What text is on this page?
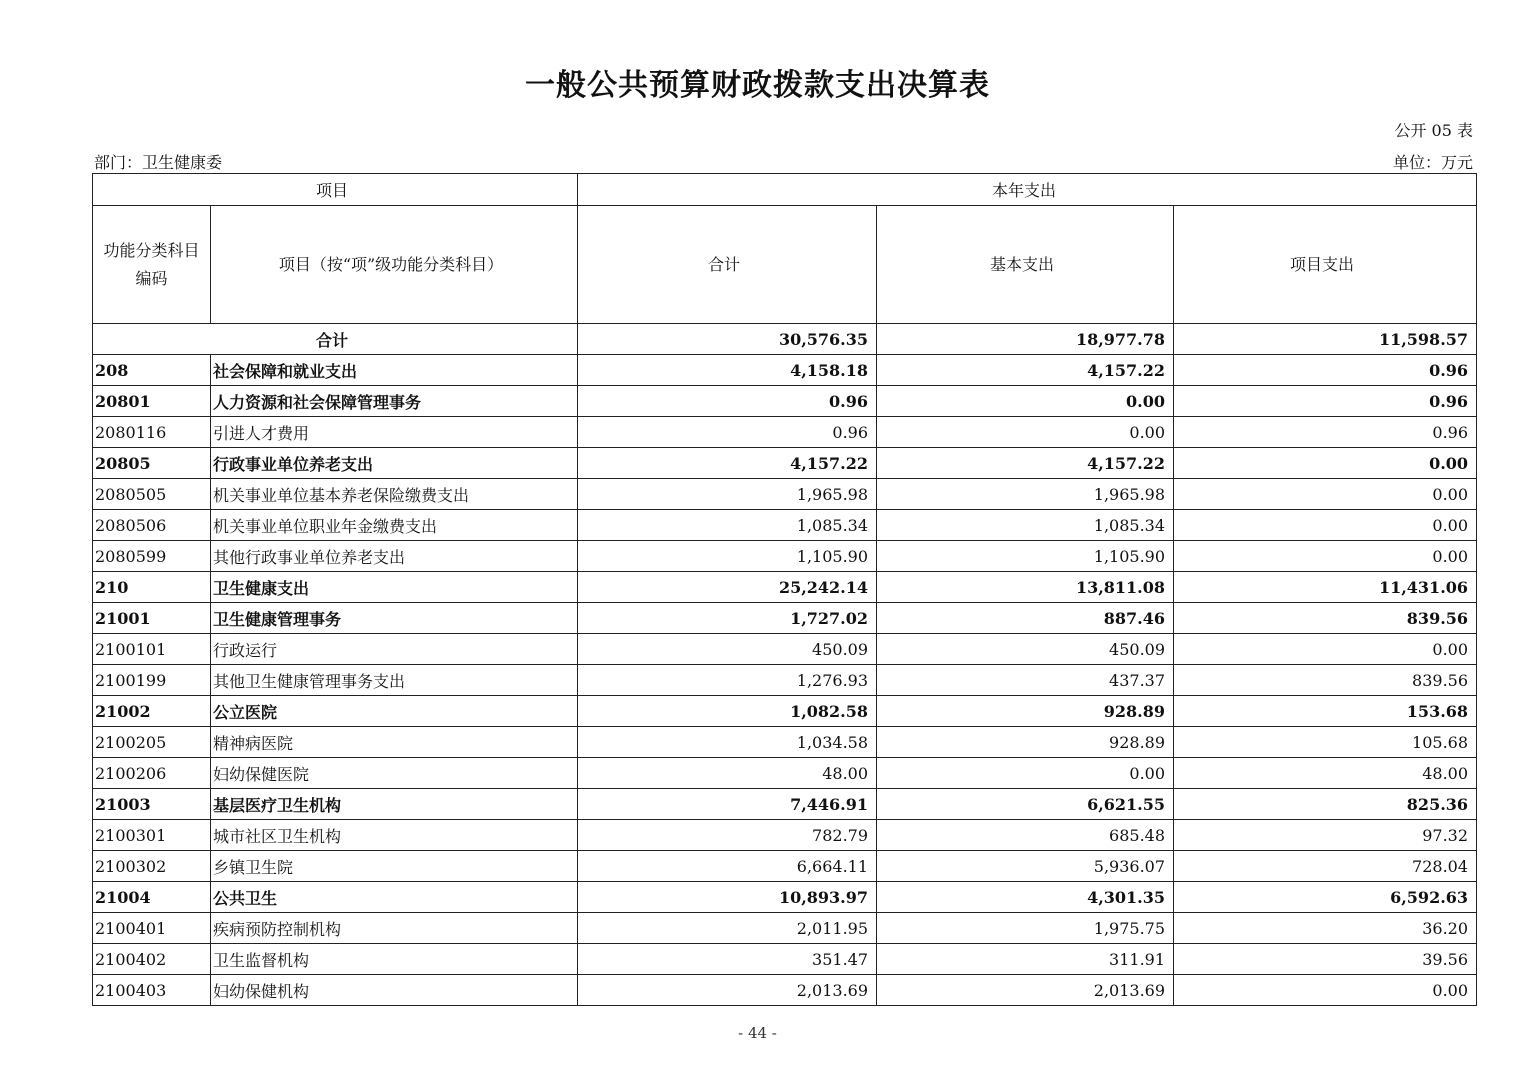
一般公共预算财政拨款支出决算表
公开 05 表
部门：卫生健康委	单位：万元
项目		本年支出		
功能分类科目编码	项目（按“项”级功能分类科目）	合计	基本支出	项目支出
合计		30,576.35	18,977.78	11,598.57
208	社会保障和就业支出	4,158.18	4,157.22	0.96
20801	人力资源和社会保障管理事务	0.96	0.00	0.96
2080116	引进人才费用	0.96	0.00	0.96
20805	行政事业单位养老支出	4,157.22	4,157.22	0.00
2080505	机关事业单位基本养老保险缴费支出	1,965.98	1,965.98	0.00
2080506	机关事业单位职业年金缴费支出	1,085.34	1,085.34	0.00
2080599	其他行政事业单位养老支出	1,105.90	1,105.90	0.00
210	卫生健康支出	25,242.14	13,811.08	11,431.06
21001	卫生健康管理事务	1,727.02	887.46	839.56
2100101	行政运行	450.09	450.09	0.00
2100199	其他卫生健康管理事务支出	1,276.93	437.37	839.56
21002	公立医院	1,082.58	928.89	153.68
2100205	精神病医院	1,034.58	928.89	105.68
2100206	妇幼保健医院	48.00	0.00	48.00
21003	基层医疗卫生机构	7,446.91	6,621.55	825.36
2100301	城市社区卫生机构	782.79	685.48	97.32
2100302	乡镇卫生院	6,664.11	5,936.07	728.04
21004	公共卫生	10,893.97	4,301.35	6,592.63
2100401	疾病预防控制机构	2,011.95	1,975.75	36.20
2100402	卫生监督机构	351.47	311.91	39.56
2100403	妇幼保健机构	2,013.69	2,013.69	0.00
- 44 -
